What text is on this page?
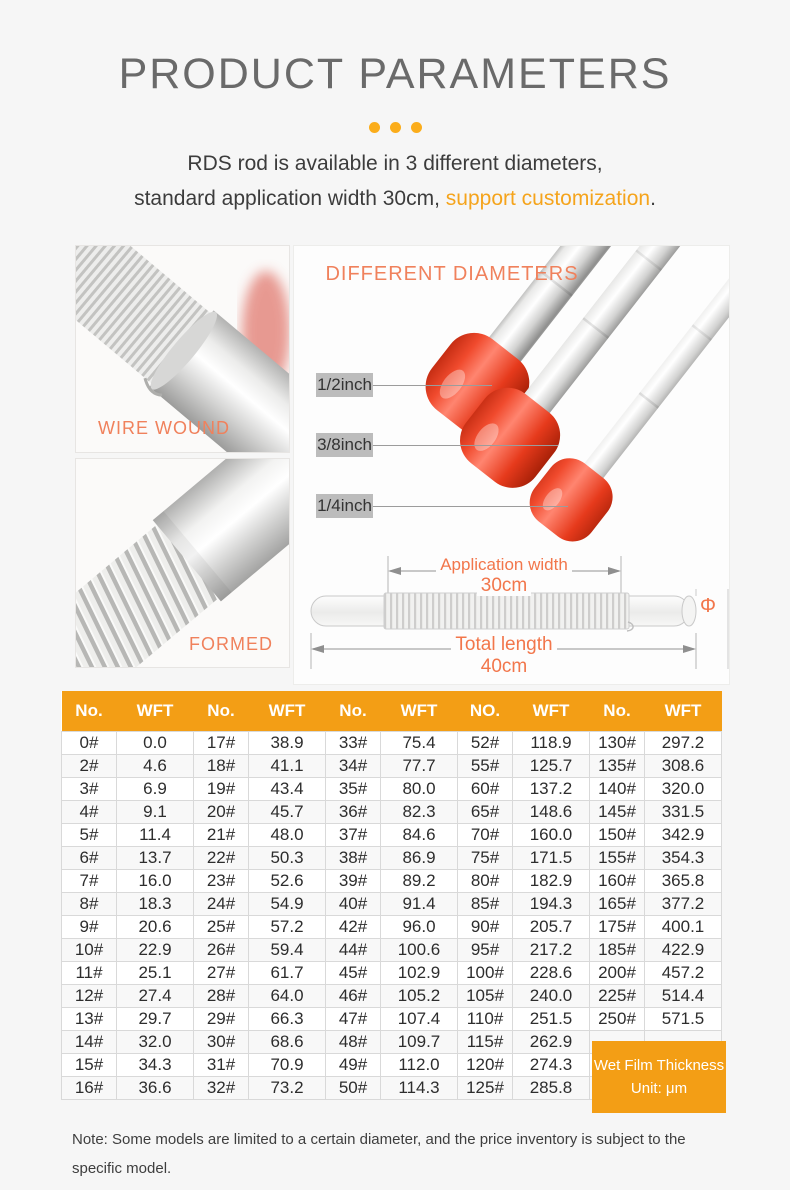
PRODUCT PARAMETERS
RDS rod is available in 3 different diameters,
standard application width 30cm, support customization.
WIRE WOUND
FORMED
DIFFERENT DIAMETERS
1/2inch
3/8inch
1/4inch
Application width
30cm
Total length
40cm
Φ
No.	WFT	No.	WFT	No.	WFT	NO.	WFT	No.	WFT
0#	0.0	17#	38.9	33#	75.4	52#	118.9	130#	297.2
2#	4.6	18#	41.1	34#	77.7	55#	125.7	135#	308.6
3#	6.9	19#	43.4	35#	80.0	60#	137.2	140#	320.0
4#	9.1	20#	45.7	36#	82.3	65#	148.6	145#	331.5
5#	11.4	21#	48.0	37#	84.6	70#	160.0	150#	342.9
6#	13.7	22#	50.3	38#	86.9	75#	171.5	155#	354.3
7#	16.0	23#	52.6	39#	89.2	80#	182.9	160#	365.8
8#	18.3	24#	54.9	40#	91.4	85#	194.3	165#	377.2
9#	20.6	25#	57.2	42#	96.0	90#	205.7	175#	400.1
10#	22.9	26#	59.4	44#	100.6	95#	217.2	185#	422.9
11#	25.1	27#	61.7	45#	102.9	100#	228.6	200#	457.2
12#	27.4	28#	64.0	46#	105.2	105#	240.0	225#	514.4
13#	29.7	29#	66.3	47#	107.4	110#	251.5	250#	571.5
14#	32.0	30#	68.6	48#	109.7	115#	262.9		
15#	34.3	31#	70.9	49#	112.0	120#	274.3		
16#	36.6	32#	73.2	50#	114.3	125#	285.8		
Wet Film Thickness
Unit: μm
Note: Some models are limited to a certain diameter, and the price inventory is subject to the specific model.
